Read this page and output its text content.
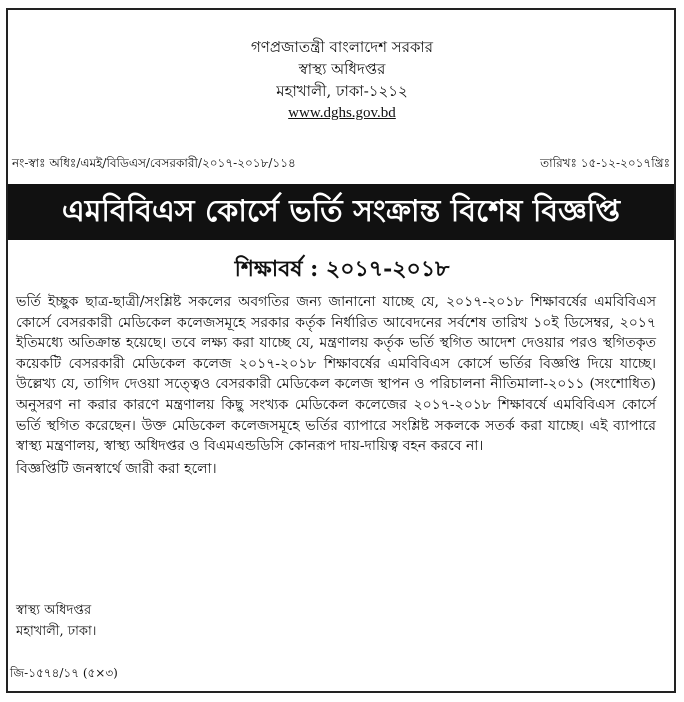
গণপ্রজাতন্ত্রী বাংলাদেশ সরকার
স্বাস্থ্য অধিদপ্তর
মহাখালী, ঢাকা-১২১২
www.dghs.gov.bd
নং-স্বাঃ অধিঃ/এমই/বিডিএস/বেসরকারী/২০১৭-২০১৮/১১৪	তারিখঃ ১৫-১২-২০১৭খ্রিঃ
এমবিবিএস কোর্সে ভর্তি সংক্রান্ত বিশেষ বিজ্ঞপ্তি
শিক্ষাবর্ষ : ২০১৭-২০১৮

ভর্তি ইচ্ছুক ছাত্র-ছাত্রী/সংশ্লিষ্ট সকলের অবগতির জন্য জানানো যাচ্ছে যে, ২০১৭-২০১৮ শিক্ষাবর্ষের এমবিবিএস কোর্সে বেসরকারী মেডিকেল কলেজসমূহে সরকার কর্তৃক নির্ধারিত আবেদনের সর্বশেষ তারিখ ১০ই ডিসেম্বর, ২০১৭ ইতিমধ্যে অতিক্রান্ত হয়েছে। তবে লক্ষ্য করা যাচ্ছে যে, মন্ত্রণালয় কর্তৃক ভর্তি স্থগিত আদেশ দেওয়ার পরও স্থগিতকৃত কয়েকটি বেসরকারী মেডিকেল কলেজ ২০১৭-২০১৮ শিক্ষাবর্ষের এমবিবিএস কোর্সে ভর্তির বিজ্ঞপ্তি দিয়ে যাচ্ছে। উল্লেখ্য যে, তাগিদ দেওয়া সত্ত্বেও বেসরকারী মেডিকেল কলেজ স্থাপন ও পরিচালনা নীতিমালা-২০১১ (সংশোধিত) অনুসরণ না করার কারণে মন্ত্রণালয় কিছু সংখ্যক মেডিকেল কলেজের ২০১৭-২০১৮ শিক্ষাবর্ষে এমবিবিএস কোর্সে ভর্তি স্থগিত করেছেন। উক্ত মেডিকেল কলেজসমূহে ভর্তির ব্যাপারে সংশ্লিষ্ট সকলকে সতর্ক করা যাচ্ছে। এই ব্যাপারে স্বাস্থ্য মন্ত্রণালয়, স্বাস্থ্য অধিদপ্তর ও বিএমএন্ডডিসি কোনরূপ দায়-দায়িত্ব বহন করবে না।

বিজ্ঞপ্তিটি জনস্বার্থে জারী করা হলো।

স্বাস্থ্য অধিদপ্তর
মহাখালী, ঢাকা।
জি-১৫৭৪/১৭ (৫×৩)
